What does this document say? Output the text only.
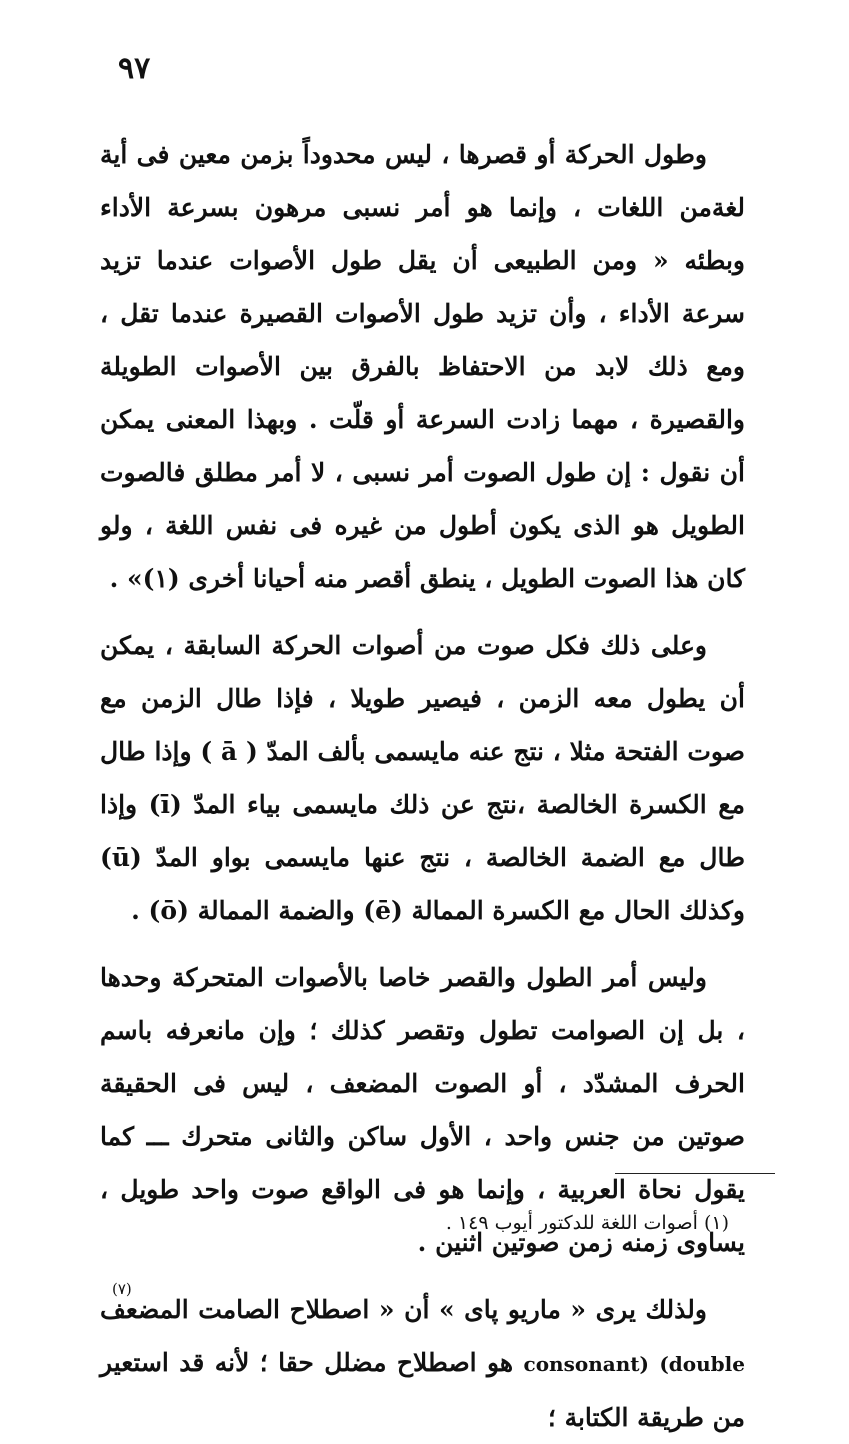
٩٧

وطول الحركة أو قصرها ، ليس محدوداً بزمن معين فى أية لغةمن اللغات ، وإنما هو أمر نسبى مرهون بسرعة الأداء وبطئه « ومن الطبيعى أن يقل طول الأصوات عندما تزيد سرعة الأداء ، وأن تزيد طول الأصوات القصيرة عندما تقل ، ومع ذلك لابد من الاحتفاظ بالفرق بين الأصوات الطويلة والقصيرة ، مهما زادت السرعة أو قلّت . وبهذا المعنى يمكن أن نقول : إن طول الصوت أمر نسبى ، لا أمر مطلق فالصوت الطويل هو الذى يكون أطول من غيره فى نفس اللغة ، ولو كان هذا الصوت الطويل ، ينطق أقصر منه أحيانا أخرى (١)» .

وعلى ذلك فكل صوت من أصوات الحركة السابقة ، يمكن أن يطول معه الزمن ، فيصير طويلا ، فإذا طال الزمن مع صوت الفتحة مثلا ، نتج عنه مايسمى بألف المدّ ( ā ) وإذا طال مع الكسرة الخالصة ،نتج عن ذلك مايسمى بياء المدّ (ī) وإذا طال مع الضمة الخالصة ، نتج عنها مايسمى بواو المدّ (ū) وكذلك الحال مع الكسرة الممالة (ē) والضمة الممالة (ō) .

وليس أمر الطول والقصر خاصا بالأصوات المتحركة وحدها ، بل إن الصوامت تطول وتقصر كذلك ؛ وإن مانعرفه باسم الحرف المشدّد ، أو الصوت المضعف ، ليس فى الحقيقة صوتين من جنس واحد ، الأول ساكن والثانى متحرك ـــ كما يقول نحاة العربية ، وإنما هو فى الواقع صوت واحد طويل ، يساوى زمنه زمن صوتين اثنين .

ولذلك يرى « ماريو پاى » أن « اصطلاح الصامت المضعف (double consonant) هو اصطلاح مضلل حقا ؛ لأنه قد استعير من طريقة الكتابة ؛

(١) أصوات اللغة للدكتور أيوب ١٤٩ .
(٧)
